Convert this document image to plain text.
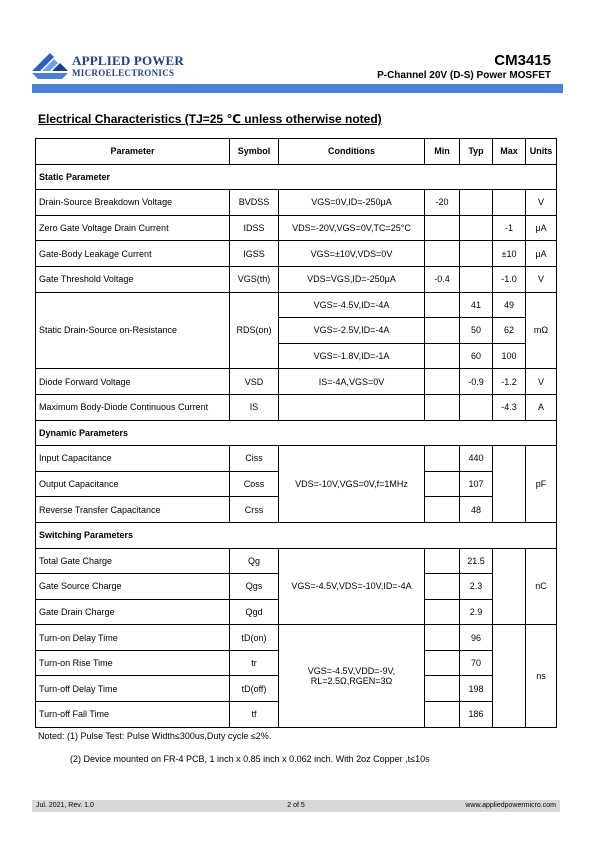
APPLIED POWER
MICROELECTRONICS
CM3415
P-Channel 20V (D-S) Power MOSFET
Electrical Characteristics (TJ=25 ℃ unless otherwise noted)
Parameter	Symbol	Conditions	Min	Typ	Max	Units
Static Parameter						
Drain-Source Breakdown Voltage	BVDSS	VGS=0V,ID=-250μA	-20			V
Zero Gate Voltage Drain Current	IDSS	VDS=-20V,VGS=0V,TC=25°C			-1	μA
Gate-Body Leakage Current	IGSS	VGS=±10V,VDS=0V			±10	μA
Gate Threshold Voltage	VGS(th)	VDS=VGS,ID=-250μA	-0.4		-1.0	V
Static Drain-Source on-Resistance	RDS(on)	VGS=-4.5V,ID=-4A		41	49	mΩ
		VGS=-2.5V,ID=-4A		50	62	
		VGS=-1.8V,ID=-1A		60	100	
Diode Forward Voltage	VSD	IS=-4A,VGS=0V		-0.9	-1.2	V
Maximum Body-Diode Continuous Current	IS				-4.3	A
Dynamic Parameters						
Input Capacitance	Ciss	VDS=-10V,VGS=0V,f=1MHz		440		pF
Output Capacitance	Coss			107		
Reverse Transfer Capacitance	Crss			48		
Switching Parameters						
Total Gate Charge	Qg	VGS=-4.5V,VDS=-10V,ID=-4A		21.5		nC
Gate Source Charge	Qgs			2.3		
Gate Drain Charge	Qgd			2.9		
Turn-on Delay Time	tD(on)	VGS=-4.5V,VDD=-9V,
RL=2.5Ω,RGEN=3Ω		96		ns
Turn-on Rise Time	tr			70		
Turn-off Delay Time	tD(off)			198		
Turn-off Fall Time	tf			186		
Noted: (1) Pulse Test: Pulse Width≤300us,Duty cycle ≤2%.
(2) Device mounted on FR-4 PCB, 1 inch x 0.85 inch x 0.062 inch. With 2oz Copper ,t≤10s
Jul. 2021, Rev. 1.0	2 of 5	www.appliedpowermicro.com
